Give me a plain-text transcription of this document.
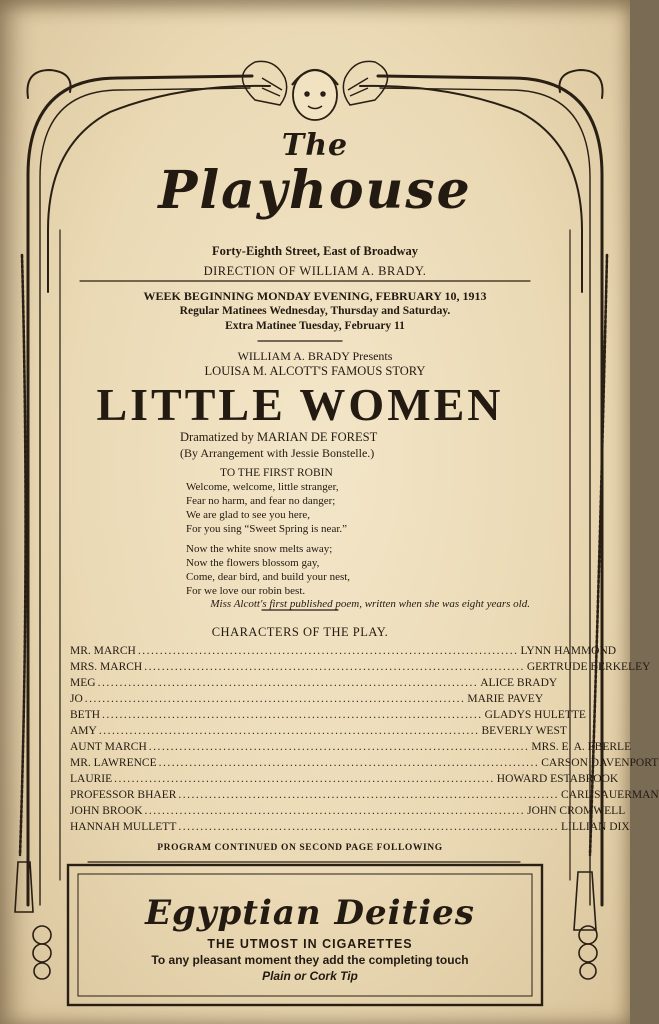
The
Playhouse
Forty-Eighth Street, East of Broadway
DIRECTION OF WILLIAM A. BRADY.
WEEK BEGINNING MONDAY EVENING, FEBRUARY 10, 1913
Regular Matinees Wednesday, Thursday and Saturday.
Extra Matinee Tuesday, February 11
WILLIAM A. BRADY Presents
LOUISA M. ALCOTT'S FAMOUS STORY
LITTLE WOMEN
Dramatized by MARIAN DE FOREST
(By Arrangement with Jessie Bonstelle.)
TO THE FIRST ROBIN
Welcome, welcome, little stranger,
Fear no harm, and fear no danger;
We are glad to see you here,
For you sing “Sweet Spring is near.”
Now the white snow melts away;
Now the flowers blossom gay,
Come, dear bird, and build your nest,
For we love our robin best.
Miss Alcott's first published poem, written when she was eight years old.
CHARACTERS OF THE PLAY.
MR. MARCH ....................................................................................... LYNN HAMMOND
MRS. MARCH ....................................................................................... GERTRUDE BERKELEY
MEG ....................................................................................... ALICE BRADY
JO ....................................................................................... MARIE PAVEY
BETH ....................................................................................... GLADYS HULETTE
AMY ....................................................................................... BEVERLY WEST
AUNT MARCH ....................................................................................... MRS. E. A. EBERLE
MR. LAWRENCE ....................................................................................... CARSON DAVENPORT
LAURIE ....................................................................................... HOWARD ESTABROOK
PROFESSOR BHAER ....................................................................................... CARL SAUERMAN
JOHN BROOK ....................................................................................... JOHN CROMWELL
HANNAH MULLETT ....................................................................................... LILLIAN DIX
PROGRAM CONTINUED ON SECOND PAGE FOLLOWING
Egyptian Deities
THE UTMOST IN CIGARETTES
To any pleasant moment they add the completing touch
Plain or Cork Tip
